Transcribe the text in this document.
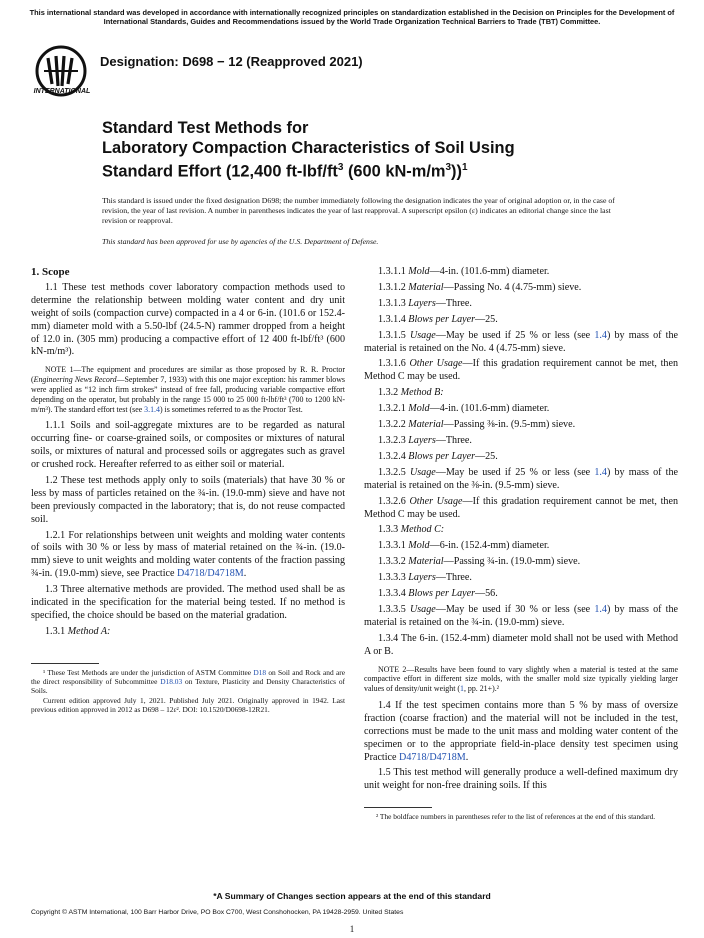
This international standard was developed in accordance with internationally recognized principles on standardization established in the Decision on Principles for the Development of International Standards, Guides and Recommendations issued by the World Trade Organization Technical Barriers to Trade (TBT) Committee.
INTERNATIONAL
Designation: D698 − 12 (Reapproved 2021)
Standard Test Methods for
Laboratory Compaction Characteristics of Soil Using
Standard Effort (12,400 $ft-lbf/ft^3$ (600 $kN-m/m^3))^1$
This standard is issued under the fixed designation D698; the number immediately following the designation indicates the year of original adoption or, in the case of revision, the year of last revision. A number in parentheses indicates the year of last reapproval. A superscript epsilon (ε) indicates an editorial change since the last revision or reapproval.
This standard has been approved for use by agencies of the U.S. Department of Defense.
1. Scope

1.1 These test methods cover laboratory compaction methods used to determine the relationship between molding water content and dry unit weight of soils (compaction curve) compacted in a 4 or 6-in. (101.6 or 152.4-mm) diameter mold with a 5.50-lbf (24.5-N) rammer dropped from a height of 12.0 in. (305 mm) producing a compactive effort of 12 400 ft-lbf/ft³ (600 kN-m/m³).

NOTE 1—The equipment and procedures are similar as those proposed by R. R. Proctor (Engineering News Record—September 7, 1933) with this one major exception: his rammer blows were applied as “12 inch firm strokes” instead of free fall, producing variable compactive effort depending on the operator, but probably in the range 15 000 to 25 000 ft-lbf/ft³ (700 to 1200 kN-m/m³). The standard effort test (see 3.1.4) is sometimes referred to as the Proctor Test.

1.1.1 Soils and soil-aggregate mixtures are to be regarded as natural occurring fine- or coarse-grained soils, or composites or mixtures of natural soils, or mixtures of natural and processed soils or aggregates such as gravel or crushed rock. Hereafter referred to as either soil or material.

1.2 These test methods apply only to soils (materials) that have 30 % or less by mass of particles retained on the ¾-in. (19.0-mm) sieve and have not been previously compacted in the laboratory; that is, do not reuse compacted soil.

1.2.1 For relationships between unit weights and molding water contents of soils with 30 % or less by mass of material retained on the ¾-in. (19.0-mm) sieve to unit weights and molding water contents of the fraction passing ¾-in. (19.0-mm) sieve, see Practice D4718/D4718M.

1.3 Three alternative methods are provided. The method used shall be as indicated in the specification for the material being tested. If no method is specified, the choice should be based on the material gradation.

1.3.1 Method A:

¹ These Test Methods are under the jurisdiction of ASTM Committee D18 on Soil and Rock and are the direct responsibility of Subcommittee D18.03 on Texture, Plasticity and Density Characteristics of Soils.

Current edition approved July 1, 2021. Published July 2021. Originally approved in 1942. Last previous edition approved in 2012 as D698 – 12ε². DOI: 10.1520/D0698-12R21.

1.3.1.1 Mold—4-in. (101.6-mm) diameter.

1.3.1.2 Material—Passing No. 4 (4.75-mm) sieve.

1.3.1.3 Layers—Three.

1.3.1.4 Blows per Layer—25.

1.3.1.5 Usage—May be used if 25 % or less (see 1.4) by mass of the material is retained on the No. 4 (4.75-mm) sieve.

1.3.1.6 Other Usage—If this gradation requirement cannot be met, then Method C may be used.

1.3.2 Method B:

1.3.2.1 Mold—4-in. (101.6-mm) diameter.

1.3.2.2 Material—Passing ⅜-in. (9.5-mm) sieve.

1.3.2.3 Layers—Three.

1.3.2.4 Blows per Layer—25.

1.3.2.5 Usage—May be used if 25 % or less (see 1.4) by mass of the material is retained on the ⅜-in. (9.5-mm) sieve.

1.3.2.6 Other Usage—If this gradation requirement cannot be met, then Method C may be used.

1.3.3 Method C:

1.3.3.1 Mold—6-in. (152.4-mm) diameter.

1.3.3.2 Material—Passing ¾-in. (19.0-mm) sieve.

1.3.3.3 Layers—Three.

1.3.3.4 Blows per Layer—56.

1.3.3.5 Usage—May be used if 30 % or less (see 1.4) by mass of the material is retained on the ¾-in. (19.0-mm) sieve.

1.3.4 The 6-in. (152.4-mm) diameter mold shall not be used with Method A or B.

NOTE 2—Results have been found to vary slightly when a material is tested at the same compactive effort in different size molds, with the smaller mold size typically yielding larger values of density/unit weight (1, pp. 21+).²

1.4 If the test specimen contains more than 5 % by mass of oversize fraction (coarse fraction) and the material will not be included in the test, corrections must be made to the unit mass and molding water content of the specimen or to the appropriate field-in-place density test specimen using Practice D4718/D4718M.

1.5 This test method will generally produce a well-defined maximum dry unit weight for non-free draining soils. If this

² The boldface numbers in parentheses refer to the list of references at the end of this standard.

*A Summary of Changes section appears at the end of this standard
Copyright © ASTM International, 100 Barr Harbor Drive, PO Box C700, West Conshohocken, PA 19428-2959. United States
1
